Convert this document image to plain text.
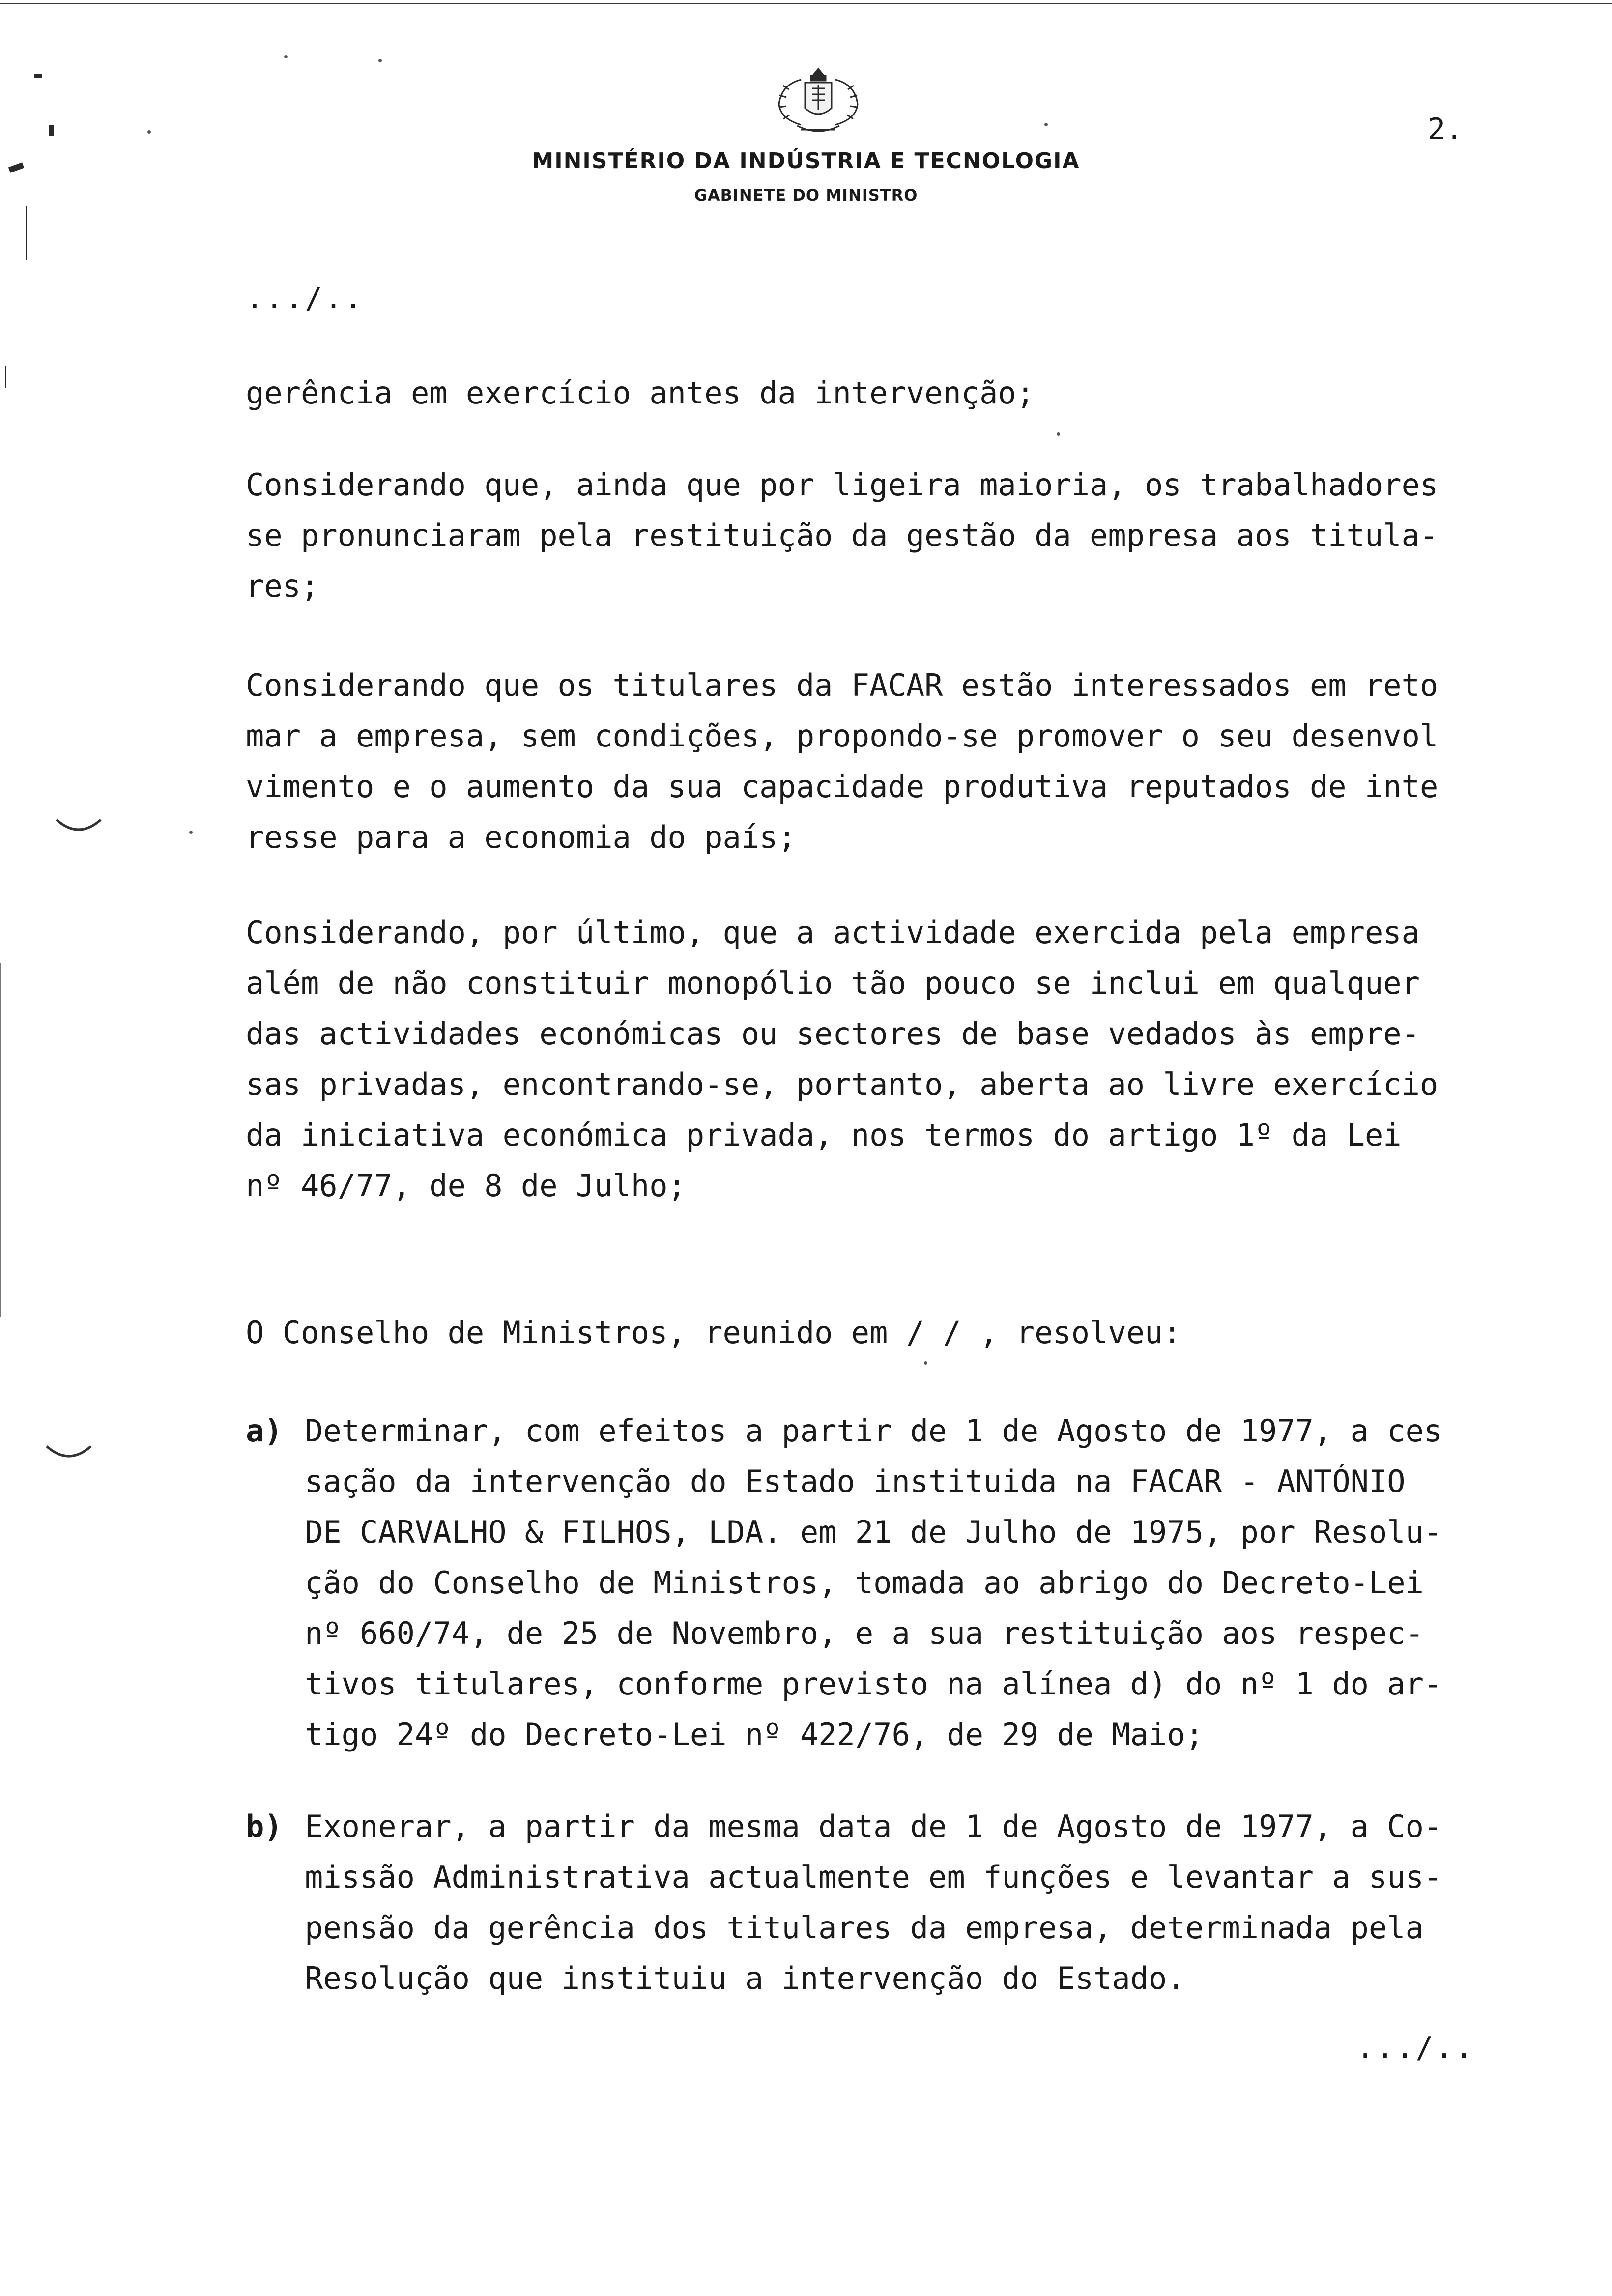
MINISTÉRIO DA INDÚSTRIA E TECNOLOGIA
GABINETE DO MINISTRO
2.
.../..
gerência em exercício antes da intervenção;
Considerando que, ainda que por ligeira maioria, os trabalhadores
se pronunciaram pela restituição da gestão da empresa aos titula-
res;
Considerando que os titulares da FACAR estão interessados em reto
mar a empresa, sem condições, propondo-se promover o seu desenvol
vimento e o aumento da sua capacidade produtiva reputados de inte
resse para a economia do país;
Considerando, por último, que a actividade exercida pela empresa
além de não constituir monopólio tão pouco se inclui em qualquer
das actividades económicas ou sectores de base vedados às empre-
sas privadas, encontrando-se, portanto, aberta ao livre exercício
da iniciativa económica privada, nos termos do artigo 1º da Lei
nº 46/77, de 8 de Julho;
O Conselho de Ministros, reunido em / / , resolveu:
a) Determinar, com efeitos a partir de 1 de Agosto de 1977, a ces
sação da intervenção do Estado instituida na FACAR - ANTÓNIO
DE CARVALHO & FILHOS, LDA. em 21 de Julho de 1975, por Resolu-
ção do Conselho de Ministros, tomada ao abrigo do Decreto-Lei
nº 660/74, de 25 de Novembro, e a sua restituição aos respec-
tivos titulares, conforme previsto na alínea d) do nº 1 do ar-
tigo 24º do Decreto-Lei nº 422/76, de 29 de Maio;
b) Exonerar, a partir da mesma data de 1 de Agosto de 1977, a Co-
missão Administrativa actualmente em funções e levantar a sus-
pensão da gerência dos titulares da empresa, determinada pela
Resolução que instituiu a intervenção do Estado.
.../..
